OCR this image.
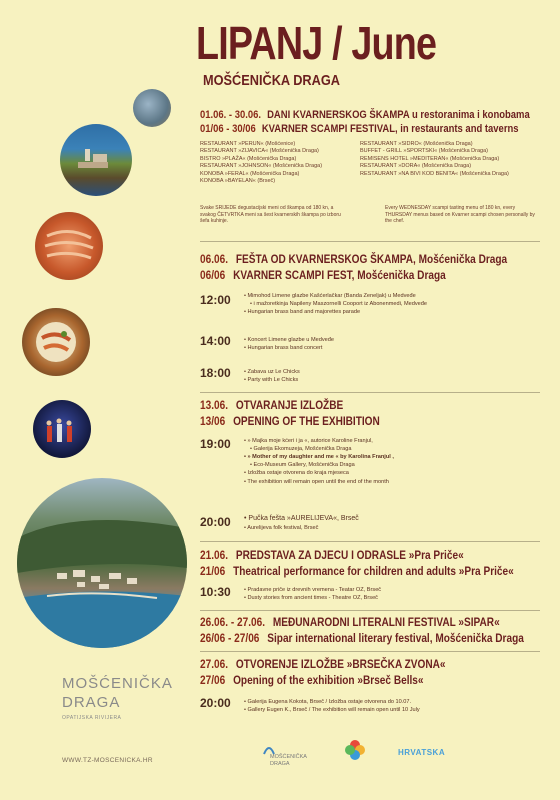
LIPANJ / June
MOŠĆENIČKA DRAGA
01.06. - 30.06. DANI KVARNERSKOG ŠKAMPA u restoranima i konobama
01/06 - 30/06 KVARNER SCAMPI FESTIVAL, in restaurants and taverns
RESTAURANT »PERUN« (Mošćenice)
RESTAURANT »ZIJAVICA« (Mošćenička Draga)
BISTRO »PLAŽA« (Mošćenička Draga)
RESTAURANT »JOHNSON« (Mošćenička Draga)
KONOBA »FERAL« (Mošćenička Draga)
KONOBA »BAYELAN« (Brseč)
RESTAURANT »SIDRO« (Mošćenička Draga)
BUFFET - GRILL »SPORTSKI« (Mošćenička Draga)
REMISENS HOTEL »MEDITERAN« (Mošćenička Draga)
RESTAURANT »DORA« (Mošćenička Draga)
RESTAURANT »NA BIVI KOD BENITA« (Mošćenička Draga)
Svake SRIJEDE degustacijski meni od škampa od 180 kn, a svakog ČETVRTKA meni sa šest kvarnerskih škampa po izboru šefa kuhinje.
Every WEDNESDAY scampi tasting menu of 180 kn, every THURSDAY menus based on Kvarner scampi chosen personally by the chef.
06.06. FEŠTA OD KVARNERSKOG ŠKAMPA, Mošćenička Draga
06/06 KVARNER SCAMPI FEST, Mošćenička Draga
12:00	• Mimohod Limene glazbe Kašćerlačkar (Banda Zeneljak) u Medveđe
• i mažoretkinja Napileny Maszornelli Cooport iz Abonenmedi, Medveđe
• Hungarian brass band and majorettes parade
14:00	• Koncert Limene glazbe u Medveđe
• Hungarian brass band concert
18:00	• Zabava uz Le Chicks
• Party with Le Chicks
13.06. OTVARANJE IZLOŽBE
13/06 OPENING OF THE EXHIBITION
19:00	• » Majka moje kćeri i ja «, autorice Karoline Franjul,
• Galerija Ekomuzeja, Mošćenička Draga
• » Mother of my daughter and me « by Karolina Franjul ,
• Eco-Museum Gallery, Mošćenička Draga
• Izložba ostaje otvorena do kraja mjeseca
• The exhibition will remain open until the end of the month
20:00	• Pučka fešta »AURELIJEVA«, Brseč
• Aurelijeva folk festival, Brseč
21.06. PREDSTAVA ZA DJECU I ODRASLE »Pra Priče«
21/06 Theatrical performance for children and adults »Pra Priče«
10:30	• Pradavne priče iz drevnih vremena - Teatar OZ, Brseč
• Dusty stories from ancient times - Theatre OZ, Brseč
26.06. - 27.06. MEĐUNARODNI LITERALNI FESTIVAL »SIPAR«
26/06 - 27/06 Sipar international literary festival, Mošćenička Draga
27.06. OTVORENJE IZLOŽBE »BRSEČKA ZVONA«
27/06 Opening of the exhibition »Brseč Bells«
20:00	• Galerija Eugena Kokota, Brseč / Izložba ostaje otvorena do 10.07.
• Gallery Eugen K., Brseč / The exhibition will remain open until 10 July
MOŠĆENIČKA
DRAGA
OPATIJSKA RIVIJERA
WWW.TZ-MOSCENICKA.HR	MOŠĆENIČKA DRAGA
HRVATSKA
